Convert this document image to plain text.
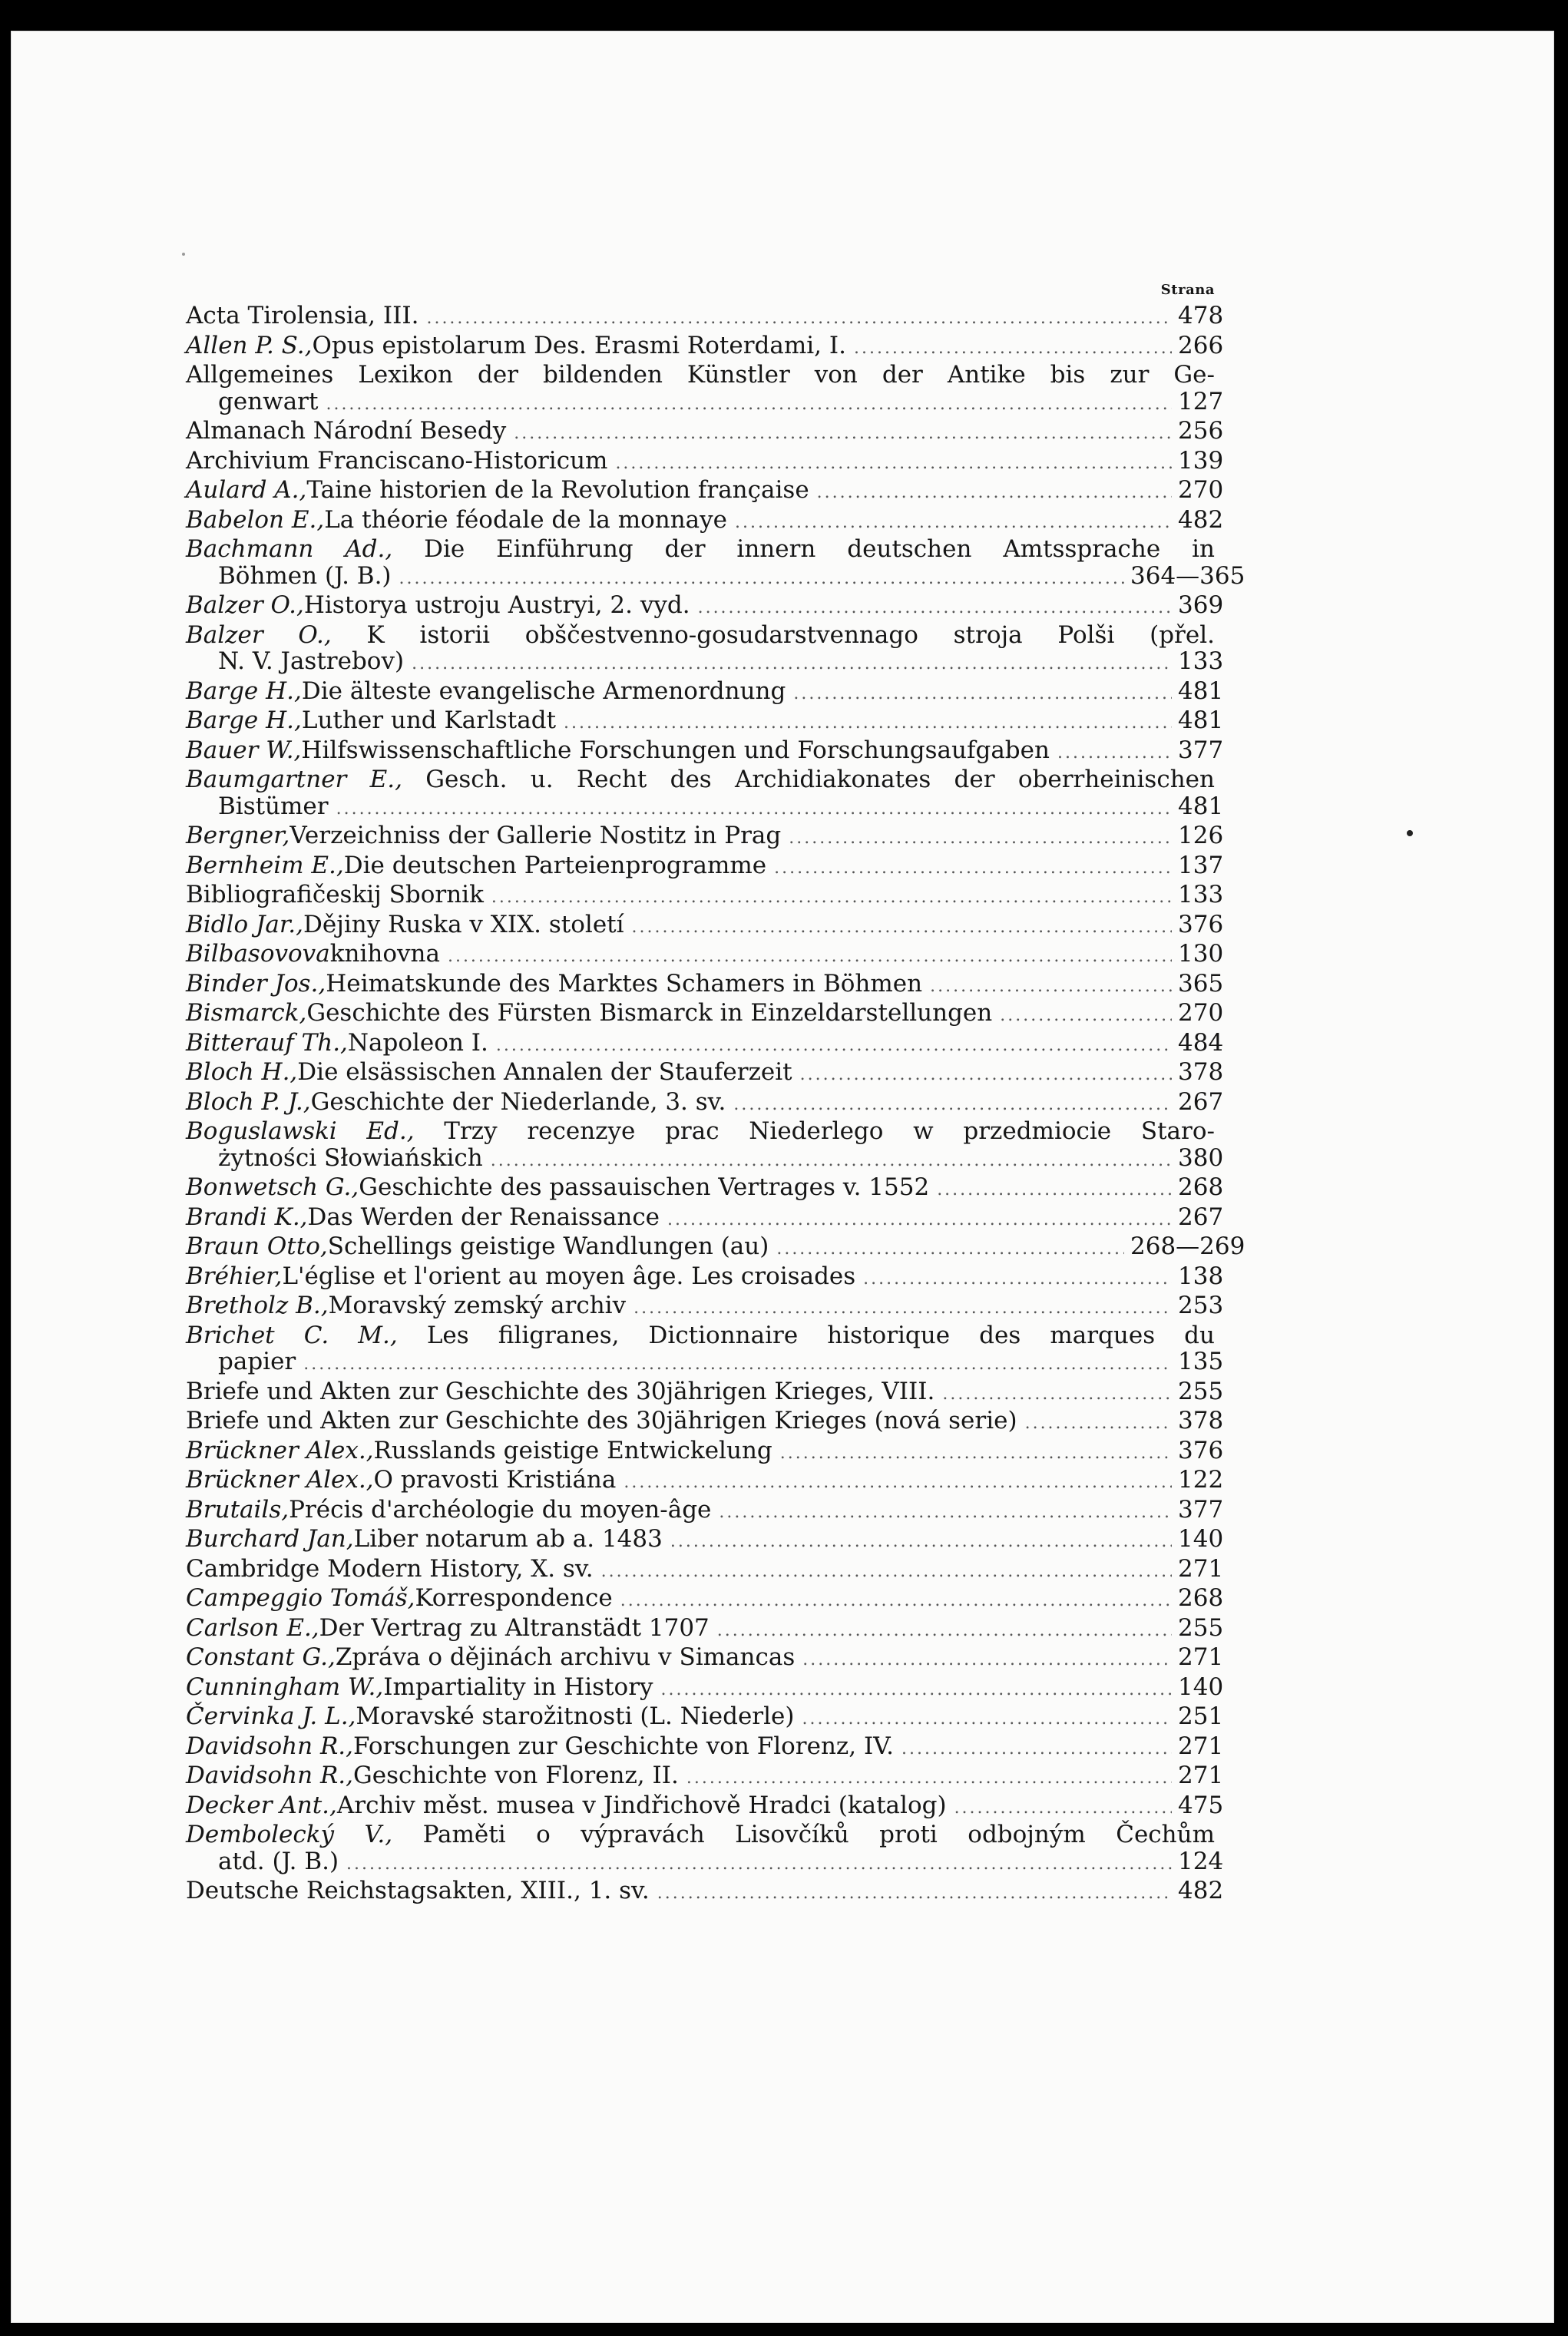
Strana
Acta Tirolensia, III. .....	478
Allen P. S., Opus epistolarum Des. Erasmi Roterdami, I. .....	266
Allgemeines Lexikon der bildenden Künstler von der Antike bis zur Ge-
genwart .....	127
Almanach Národní Besedy .....	256
Archivium Franciscano-Historicum .....	139
Aulard A., Taine historien de la Revolution française .....	270
Babelon E., La théorie féodale de la monnaye .....	482
Bachmann Ad., Die Einführung der innern deutschen Amtssprache in
Böhmen (J. B.) .....	364—365
Balzer O., Historya ustroju Austryi, 2. vyd. .....	369
Balzer O., K istorii obščestvenno-gosudarstvennago stroja Polši (přel.
N. V. Jastrebov) .....	133
Barge H., Die älteste evangelische Armenordnung .....	481
Barge H., Luther und Karlstadt .....	481
Bauer W., Hilfswissenschaftliche Forschungen und Forschungsaufgaben .....	377
Baumgartner E., Gesch. u. Recht des Archidiakonates der oberrheinischen
Bistümer .....	481
Bergner, Verzeichniss der Gallerie Nostitz in Prag .....	126
Bernheim E., Die deutschen Parteienprogramme .....	137
Bibliografičeskij Sbornik .....	133
Bidlo Jar., Dějiny Ruska v XIX. století .....	376
Bilbasovova knihovna .....	130
Binder Jos., Heimatskunde des Marktes Schamers in Böhmen .....	365
Bismarck, Geschichte des Fürsten Bismarck in Einzeldarstellungen .....	270
Bitterauf Th., Napoleon I. .....	484
Bloch H., Die elsässischen Annalen der Stauferzeit .....	378
Bloch P. J., Geschichte der Niederlande, 3. sv. .....	267
Boguslawski Ed., Trzy recenzye prac Niederlego w przedmiocie Staro-
żytności Słowiańskich .....	380
Bonwetsch G., Geschichte des passauischen Vertrages v. 1552 .....	268
Brandi K., Das Werden der Renaissance .....	267
Braun Otto, Schellings geistige Wandlungen (au) .....	268—269
Bréhier, L'église et l'orient au moyen âge. Les croisades .....	138
Bretholz B., Moravský zemský archiv .....	253
Brichet C. M., Les filigranes, Dictionnaire historique des marques du
papier .....	135
Briefe und Akten zur Geschichte des 30jährigen Krieges, VIII. .....	255
Briefe und Akten zur Geschichte des 30jährigen Krieges (nová serie) .....	378
Brückner Alex., Russlands geistige Entwickelung .....	376
Brückner Alex., O pravosti Kristiána .....	122
Brutails, Précis d'archéologie du moyen-âge .....	377
Burchard Jan, Liber notarum ab a. 1483 .....	140
Cambridge Modern History, X. sv. .....	271
Campeggio Tomáš, Korrespondence .....	268
Carlson E., Der Vertrag zu Altranstädt 1707 .....	255
Constant G., Zpráva o dějinách archivu v Simancas .....	271
Cunningham W., Impartiality in History .....	140
Červinka J. L., Moravské starožitnosti (L. Niederle) .....	251
Davidsohn R., Forschungen zur Geschichte von Florenz, IV. .....	271
Davidsohn R., Geschichte von Florenz, II. .....	271
Decker Ant., Archiv měst. musea v Jindřichově Hradci (katalog) .....	475
Dembolecký V., Paměti o výpravách Lisovčíků proti odbojným Čechům
atd. (J. B.) .....	124
Deutsche Reichstagsakten, XIII., 1. sv. .....	482
